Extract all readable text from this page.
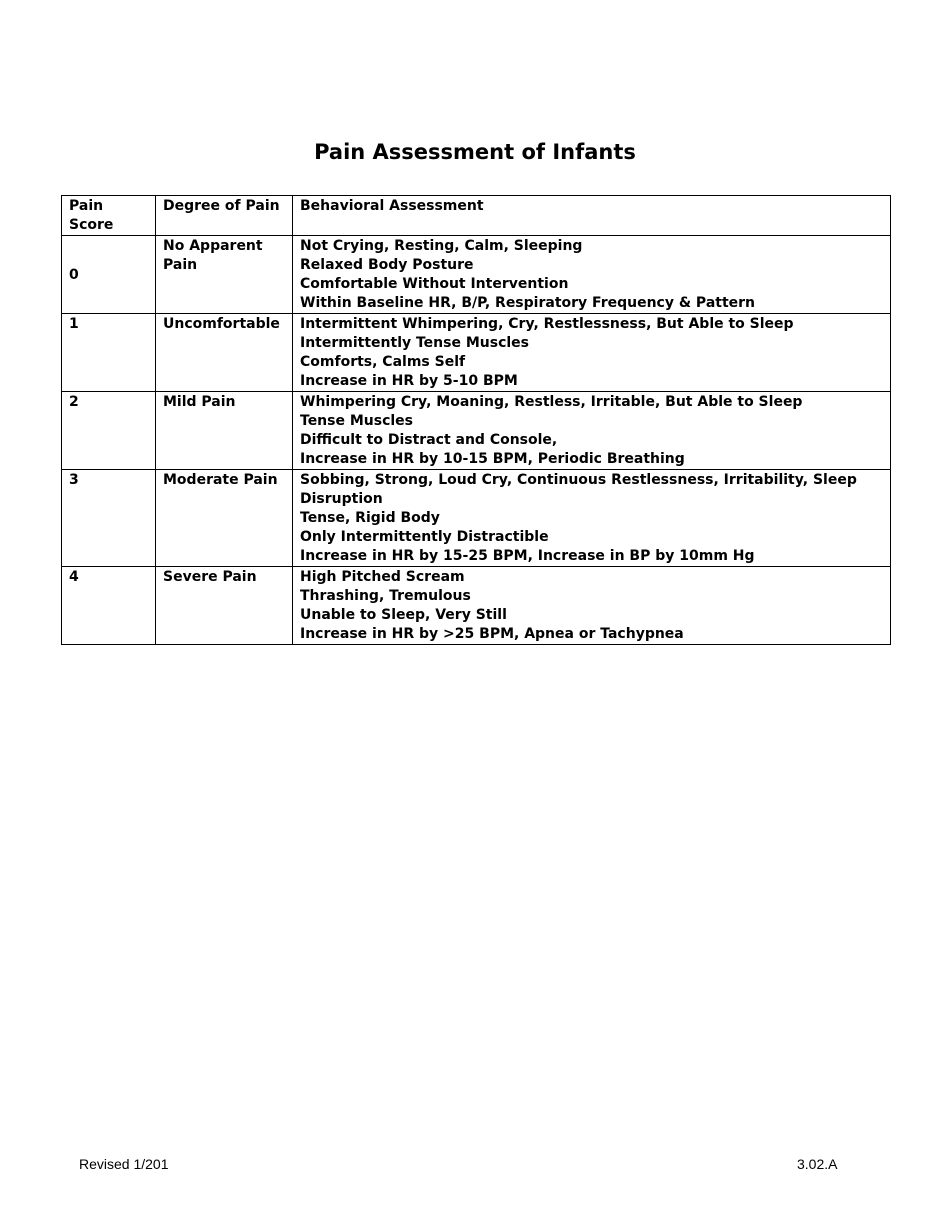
Pain Assessment of Infants
Pain Score	Degree of Pain	Behavioral Assessment
0	No Apparent Pain	Not Crying, Resting, Calm, Sleeping
Relaxed Body Posture
Comfortable Without Intervention
Within Baseline HR, B/P, Respiratory Frequency & Pattern

1	Uncomfortable	Intermittent Whimpering, Cry, Restlessness, But Able to Sleep
Intermittently Tense Muscles
Comforts, Calms Self
Increase in HR by 5-10 BPM

2	Mild Pain	Whimpering Cry, Moaning, Restless, Irritable, But Able to Sleep
Tense Muscles
Difficult to Distract and Console,
Increase in HR by 10-15 BPM, Periodic Breathing

3	Moderate Pain	Sobbing, Strong, Loud Cry, Continuous Restlessness, Irritability, Sleep Disruption
Tense, Rigid Body
Only Intermittently Distractible
Increase in HR by 15-25 BPM, Increase in BP by 10mm Hg

4	Severe Pain	High Pitched Scream
Thrashing, Tremulous
Unable to Sleep, Very Still
Increase in HR by >25 BPM, Apnea or Tachypnea
Revised 1/201	3.02.A
